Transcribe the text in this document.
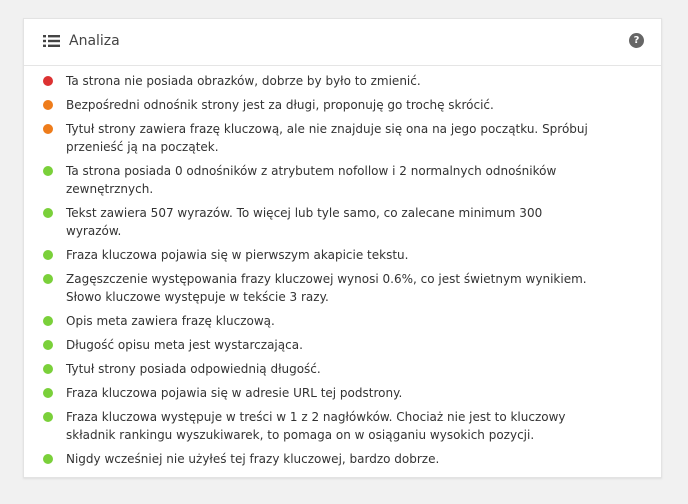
Analiza	?
Ta strona nie posiada obrazków, dobrze by było to zmienić.
Bezpośredni odnośnik strony jest za długi, proponuję go trochę skrócić.
Tytuł strony zawiera frazę kluczową, ale nie znajduje się ona na jego początku. Spróbuj przenieść ją na początek.
Ta strona posiada 0 odnośników z atrybutem nofollow i 2 normalnych odnośników zewnętrznych.
Tekst zawiera 507 wyrazów. To więcej lub tyle samo, co zalecane minimum 300 wyrazów.
Fraza kluczowa pojawia się w pierwszym akapicie tekstu.
Zagęszczenie występowania frazy kluczowej wynosi 0.6%, co jest świetnym wynikiem. Słowo kluczowe występuje w tekście 3 razy.
Opis meta zawiera frazę kluczową.
Długość opisu meta jest wystarczająca.
Tytuł strony posiada odpowiednią długość.
Fraza kluczowa pojawia się w adresie URL tej podstrony.
Fraza kluczowa występuje w treści w 1 z 2 nagłówków. Chociaż nie jest to kluczowy składnik rankingu wyszukiwarek, to pomaga on w osiąganiu wysokich pozycji.
Nigdy wcześniej nie użyłeś tej frazy kluczowej, bardzo dobrze.
